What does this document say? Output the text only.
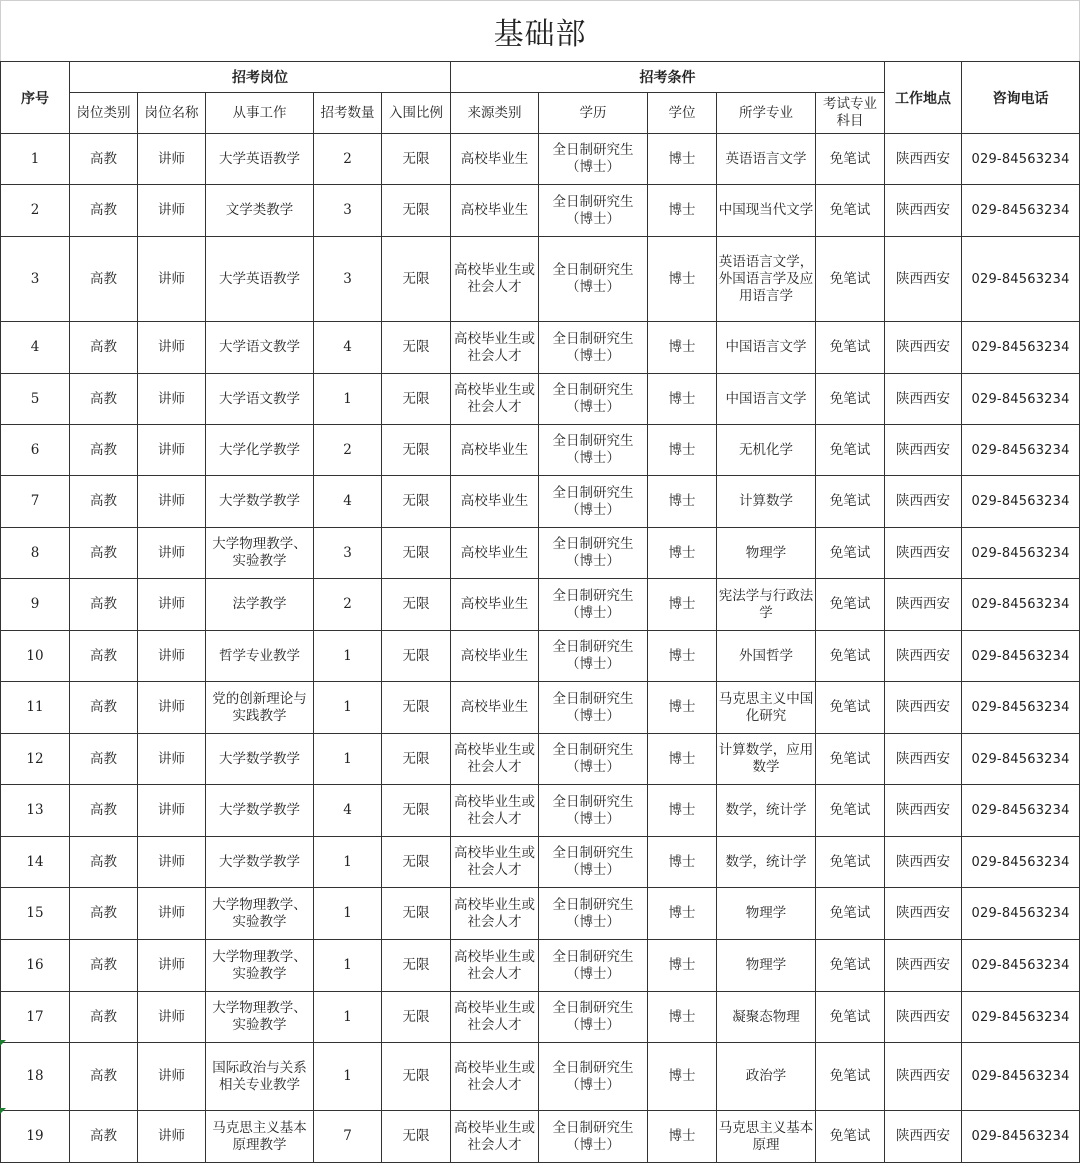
基础部												
序号	招考岗位					招考条件					工作地点	咨询电话
	岗位类别	岗位名称	从事工作	招考数量	入围比例	来源类别	学历	学位	所学专业	考试专业科目		
1	高教	讲师	大学英语教学	2	无限	高校毕业生	全日制研究生（博士）	博士	英语语言文学	免笔试	陕西西安	029-84563234
2	高教	讲师	文学类教学	3	无限	高校毕业生	全日制研究生（博士）	博士	中国现当代文学	免笔试	陕西西安	029-84563234
3	高教	讲师	大学英语教学	3	无限	高校毕业生或社会人才	全日制研究生（博士）	博士	英语语言文学，外国语言学及应用语言学	免笔试	陕西西安	029-84563234
4	高教	讲师	大学语文教学	4	无限	高校毕业生或社会人才	全日制研究生（博士）	博士	中国语言文学	免笔试	陕西西安	029-84563234
5	高教	讲师	大学语文教学	1	无限	高校毕业生或社会人才	全日制研究生（博士）	博士	中国语言文学	免笔试	陕西西安	029-84563234
6	高教	讲师	大学化学教学	2	无限	高校毕业生	全日制研究生（博士）	博士	无机化学	免笔试	陕西西安	029-84563234
7	高教	讲师	大学数学教学	4	无限	高校毕业生	全日制研究生（博士）	博士	计算数学	免笔试	陕西西安	029-84563234
8	高教	讲师	大学物理教学、实验教学	3	无限	高校毕业生	全日制研究生（博士）	博士	物理学	免笔试	陕西西安	029-84563234
9	高教	讲师	法学教学	2	无限	高校毕业生	全日制研究生（博士）	博士	宪法学与行政法学	免笔试	陕西西安	029-84563234
10	高教	讲师	哲学专业教学	1	无限	高校毕业生	全日制研究生（博士）	博士	外国哲学	免笔试	陕西西安	029-84563234
11	高教	讲师	党的创新理论与实践教学	1	无限	高校毕业生	全日制研究生（博士）	博士	马克思主义中国化研究	免笔试	陕西西安	029-84563234
12	高教	讲师	大学数学教学	1	无限	高校毕业生或社会人才	全日制研究生（博士）	博士	计算数学，应用数学	免笔试	陕西西安	029-84563234
13	高教	讲师	大学数学教学	4	无限	高校毕业生或社会人才	全日制研究生（博士）	博士	数学，统计学	免笔试	陕西西安	029-84563234
14	高教	讲师	大学数学教学	1	无限	高校毕业生或社会人才	全日制研究生（博士）	博士	数学，统计学	免笔试	陕西西安	029-84563234
15	高教	讲师	大学物理教学、实验教学	1	无限	高校毕业生或社会人才	全日制研究生（博士）	博士	物理学	免笔试	陕西西安	029-84563234
16	高教	讲师	大学物理教学、实验教学	1	无限	高校毕业生或社会人才	全日制研究生（博士）	博士	物理学	免笔试	陕西西安	029-84563234
17	高教	讲师	大学物理教学、实验教学	1	无限	高校毕业生或社会人才	全日制研究生（博士）	博士	凝聚态物理	免笔试	陕西西安	029-84563234
18	高教	讲师	国际政治与关系相关专业教学	1	无限	高校毕业生或社会人才	全日制研究生（博士）	博士	政治学	免笔试	陕西西安	029-84563234
19	高教	讲师	马克思主义基本原理教学	7	无限	高校毕业生或社会人才	全日制研究生（博士）	博士	马克思主义基本原理	免笔试	陕西西安	029-84563234
